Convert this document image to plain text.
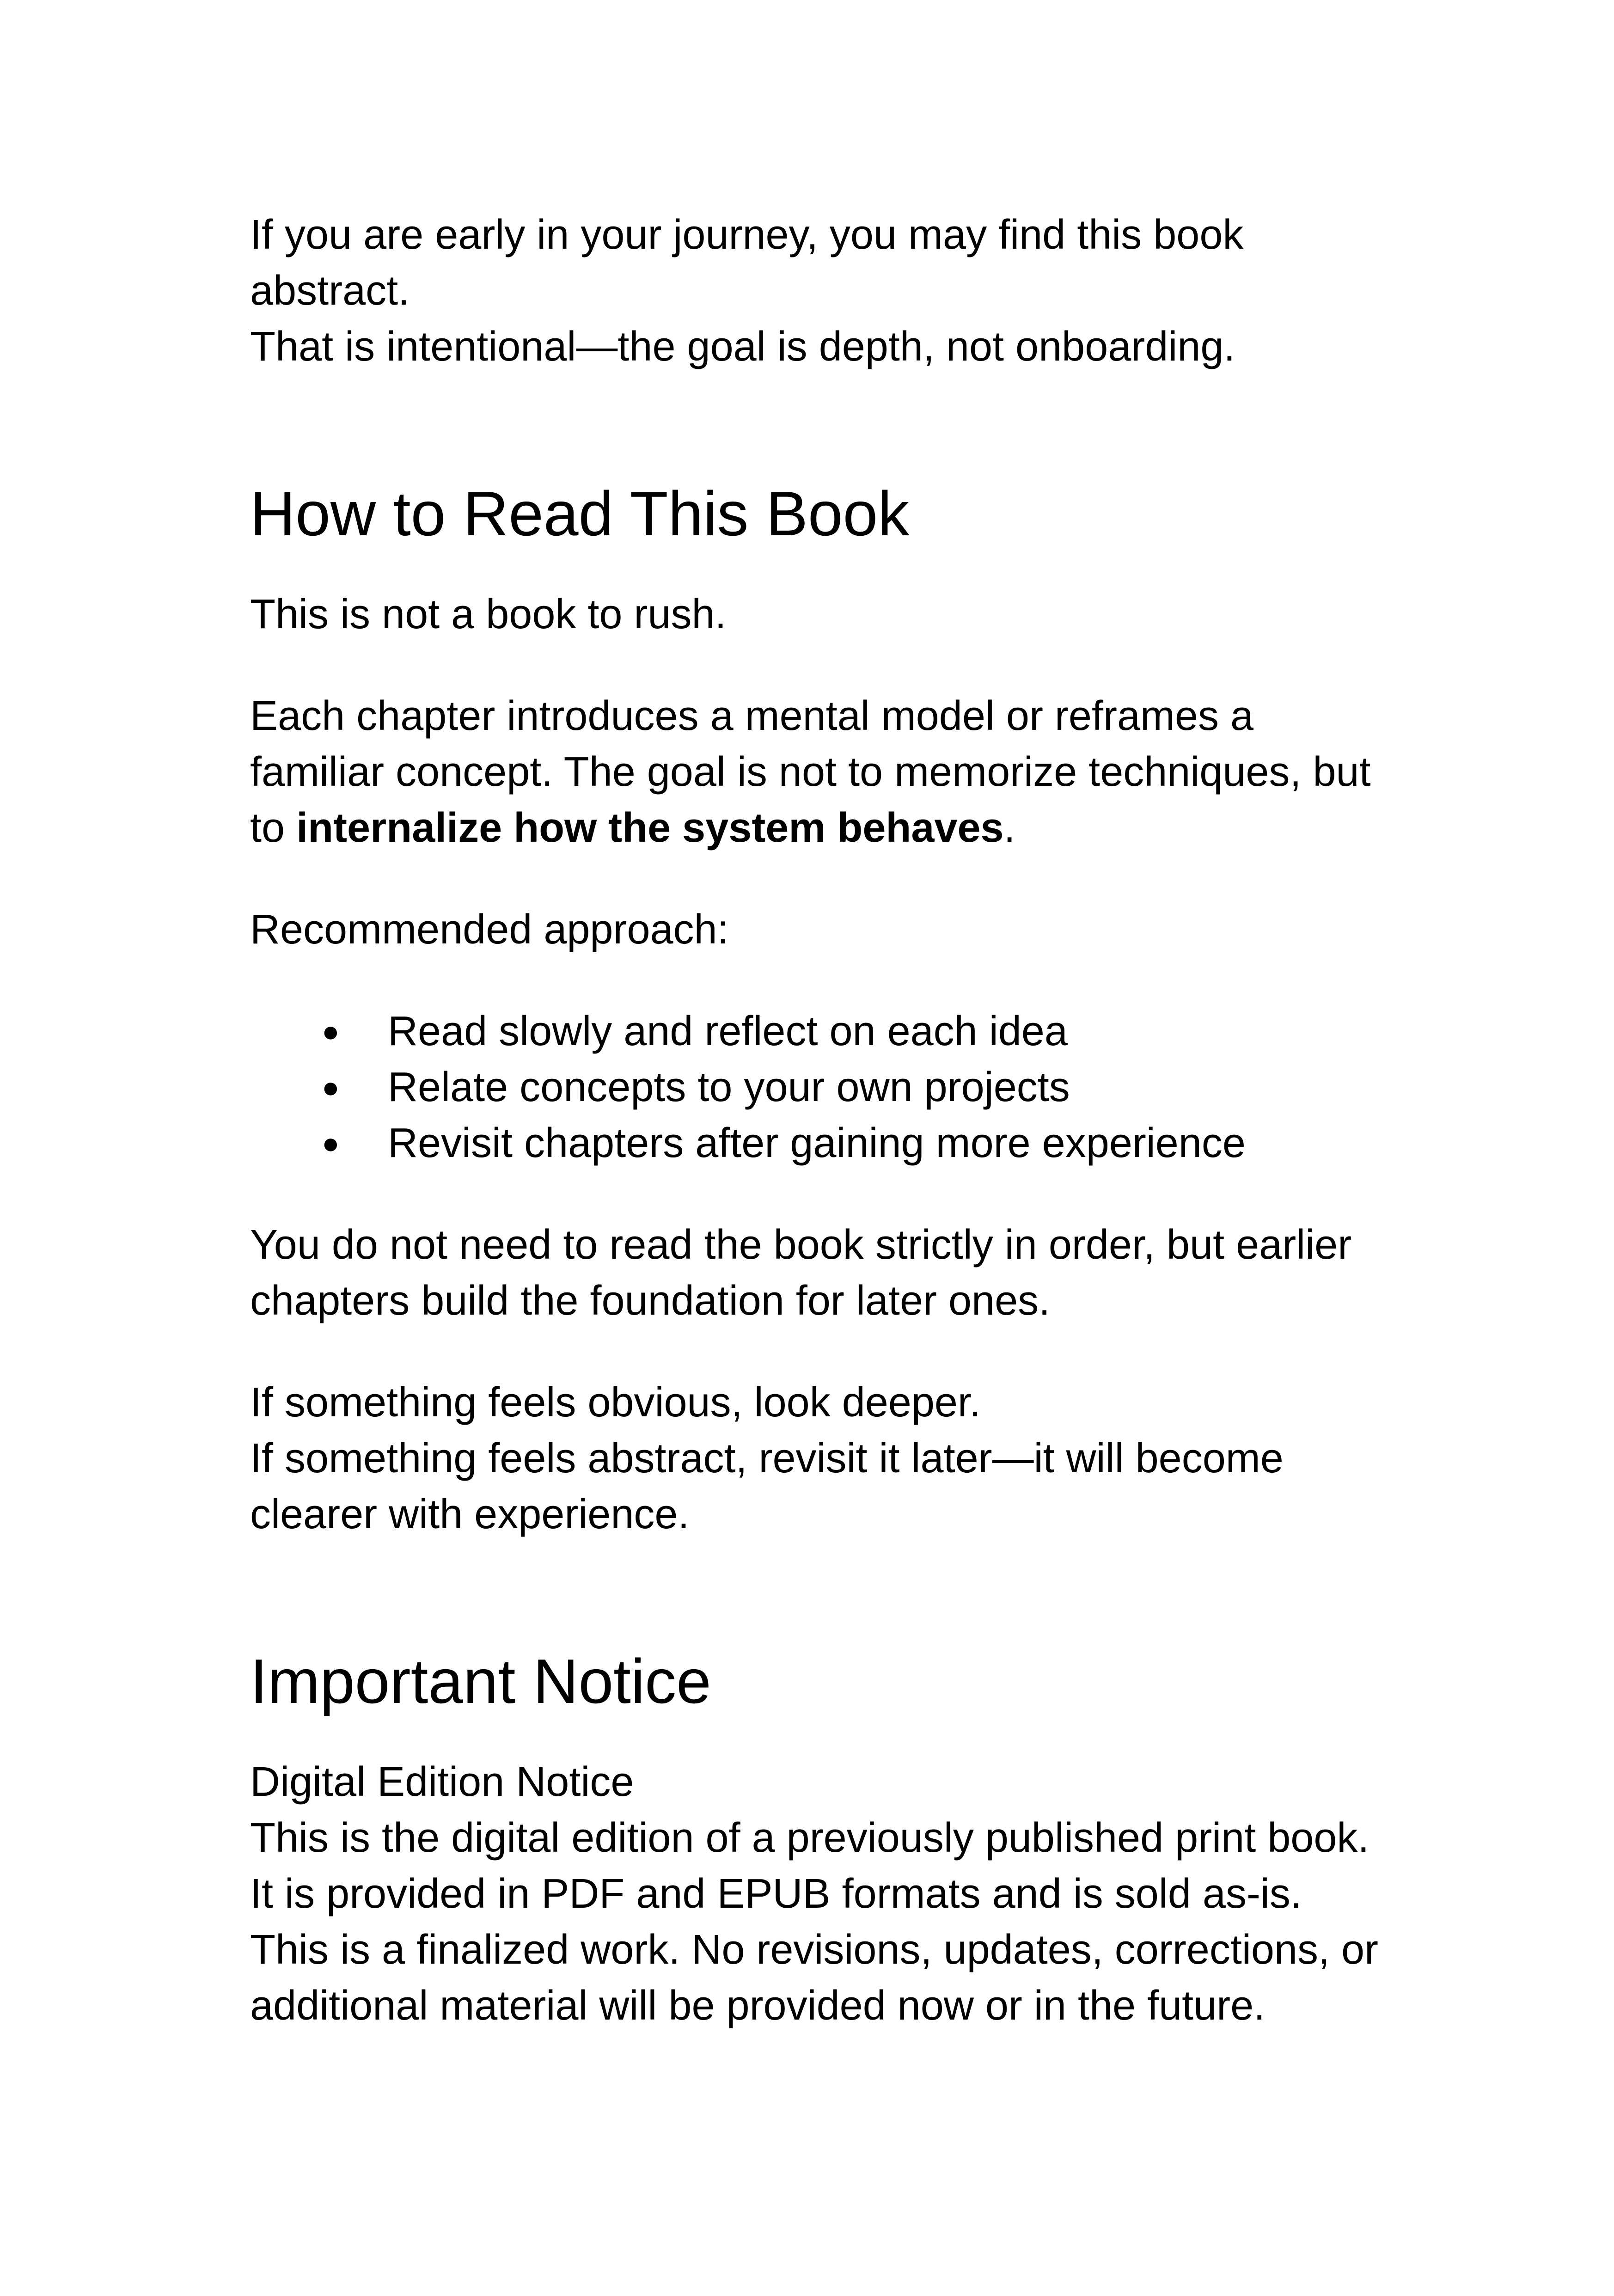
If you are early in your journey, you may find this book
abstract.
That is intentional—the goal is depth, not onboarding.

How to Read This Book

This is not a book to rush.

Each chapter introduces a mental model or reframes a
familiar concept. The goal is not to memorize techniques, but
to internalize how the system behaves.

Recommended approach:

● Read slowly and reflect on each idea
● Relate concepts to your own projects
● Revisit chapters after gaining more experience

You do not need to read the book strictly in order, but earlier
chapters build the foundation for later ones.

If something feels obvious, look deeper.
If something feels abstract, revisit it later—it will become
clearer with experience.

Important Notice

Digital Edition Notice
This is the digital edition of a previously published print book.
It is provided in PDF and EPUB formats and is sold as-is.
This is a finalized work. No revisions, updates, corrections, or
additional material will be provided now or in the future.
